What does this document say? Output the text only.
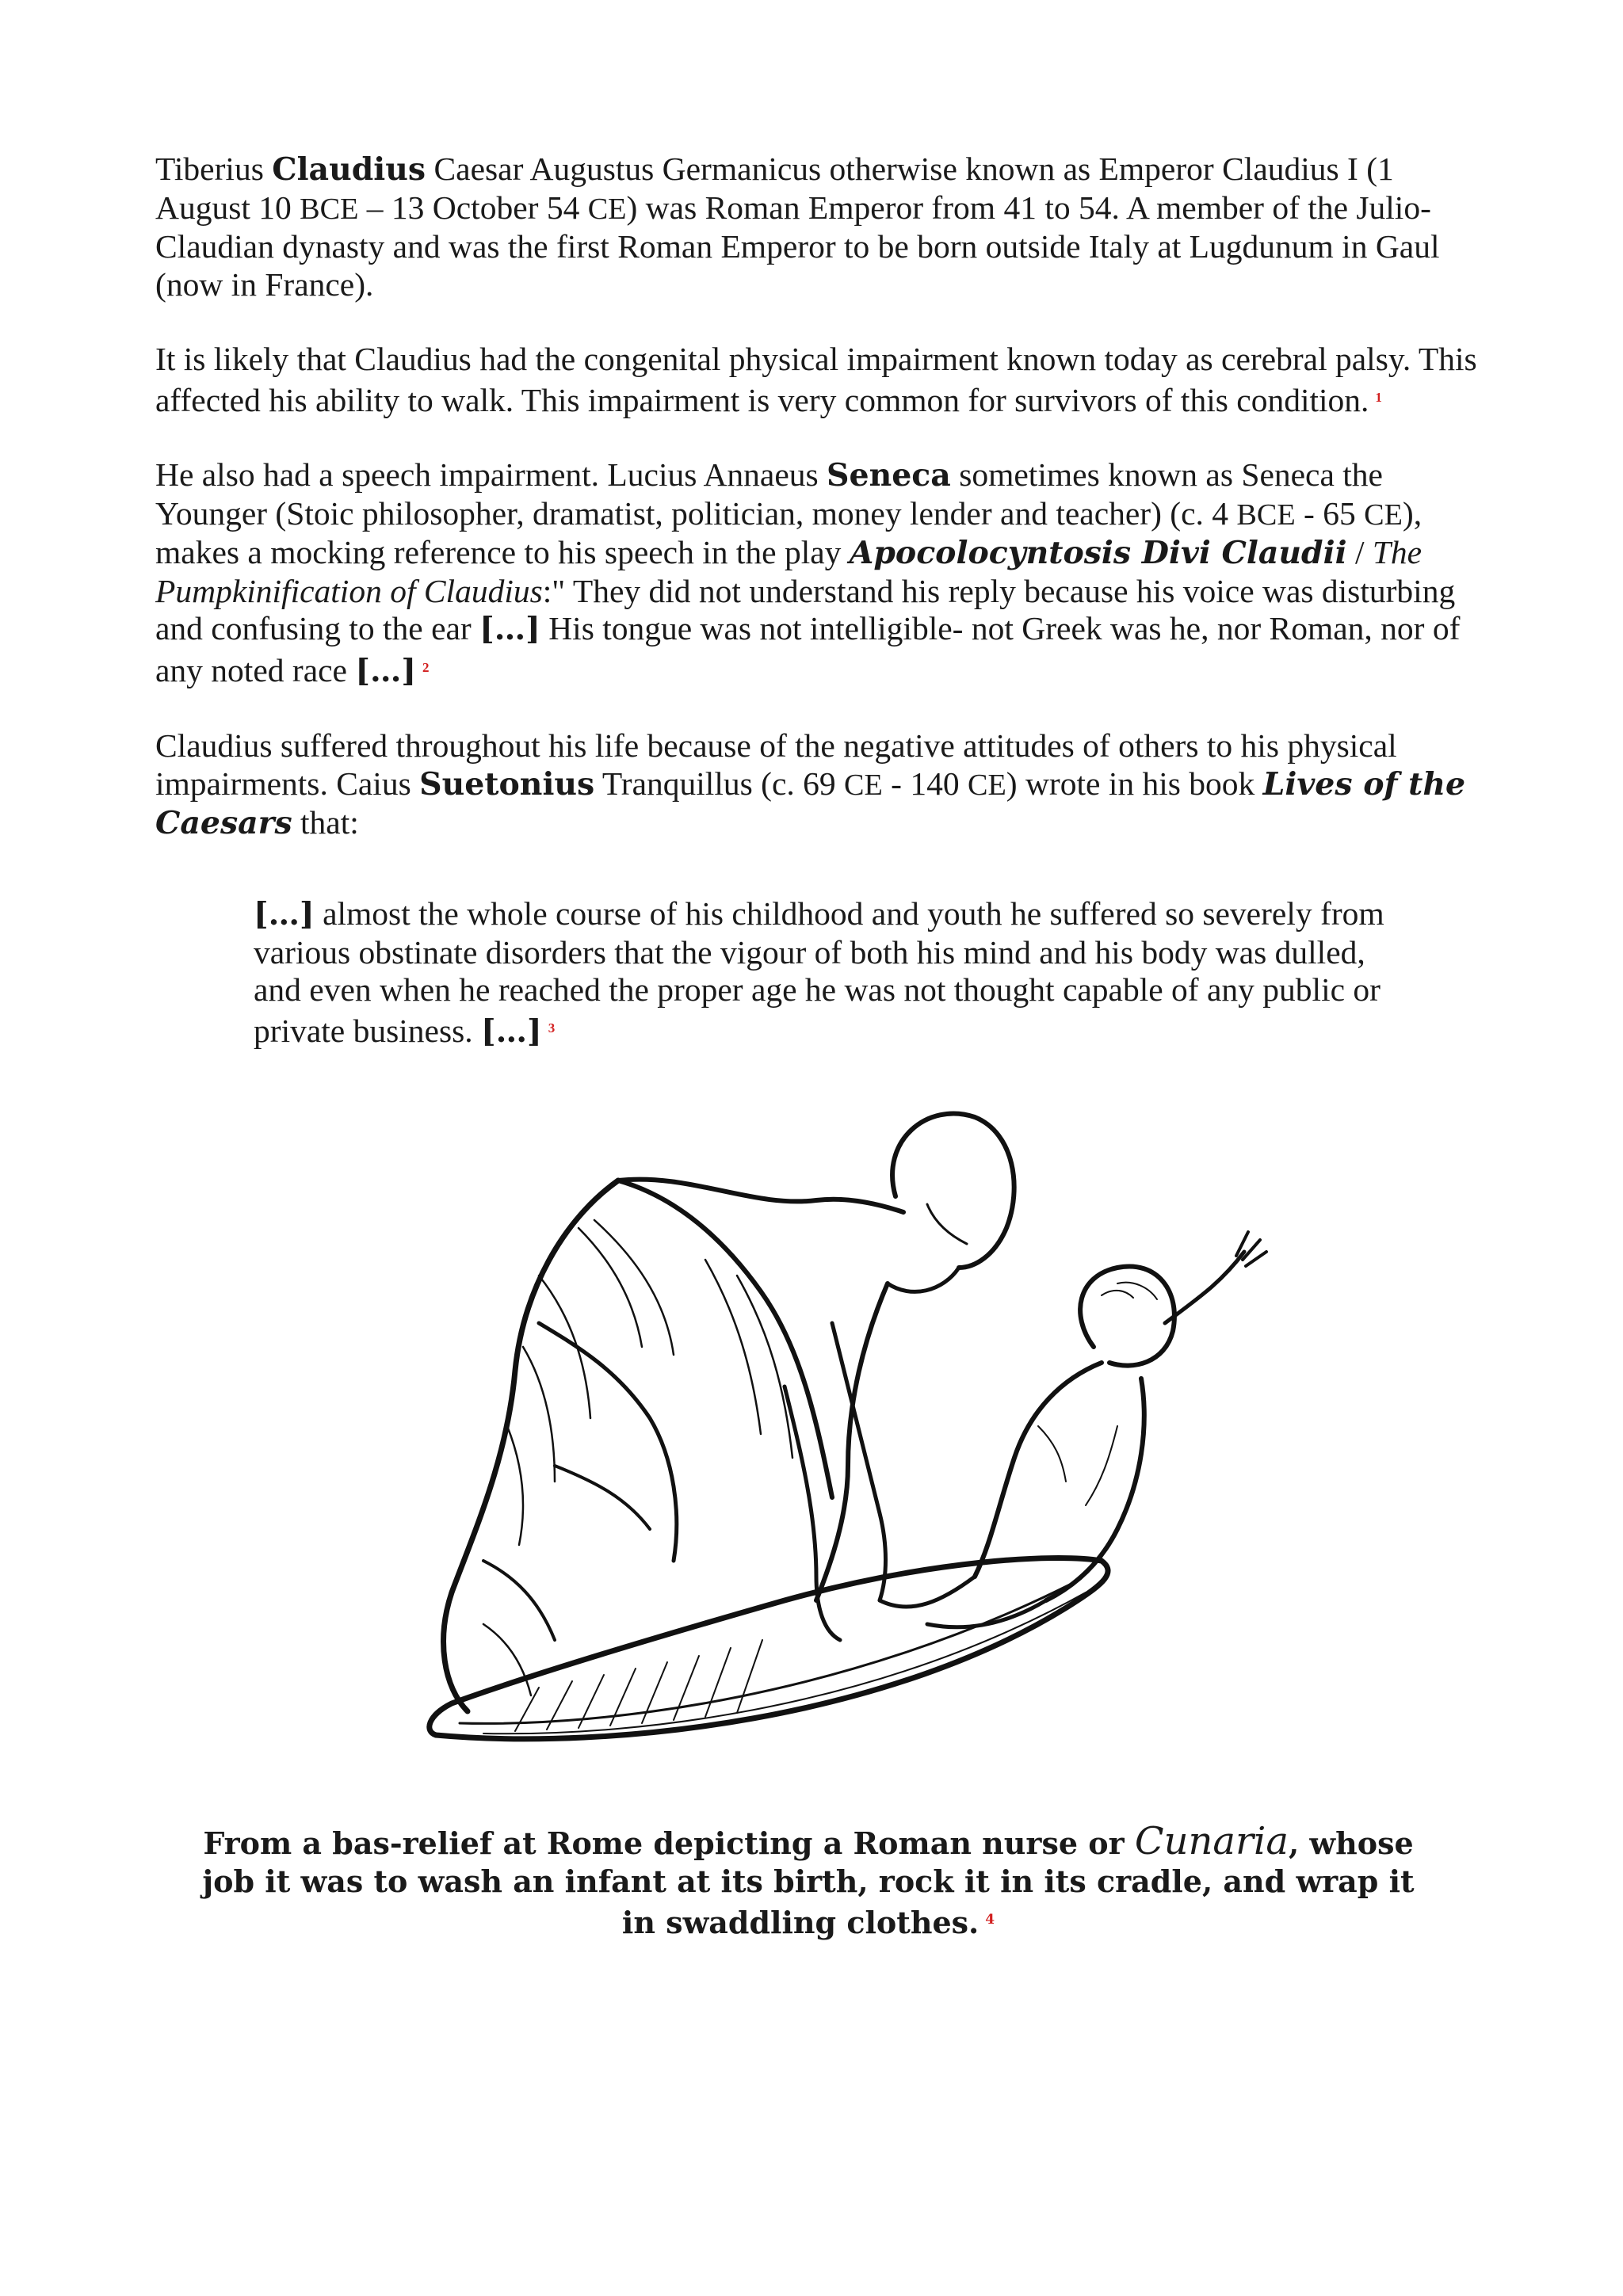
Tiberius Claudius Caesar Augustus Germanicus otherwise known as Emperor Claudius I (1 August 10 BCE – 13 October 54 CE) was Roman Emperor from 41 to 54. A member of the Julio-Claudian dynasty and was the first Roman Emperor to be born outside Italy at Lugdunum in Gaul (now in France).

It is likely that Claudius had the congenital physical impairment known today as cerebral palsy. This affected his ability to walk. This impairment is very common for survivors of this condition. $^1$

He also had a speech impairment. Lucius Annaeus Seneca sometimes known as Seneca the Younger (Stoic philosopher, dramatist, politician, money lender and teacher) (c. 4 BCE - 65 CE), makes a mocking reference to his speech in the play Apocolocyntosis Divi Claudii / The Pumpkinification of Claudius:" They did not understand his reply because his voice was disturbing and confusing to the ear […] His tongue was not intelligible- not Greek was he, nor Roman, nor of any noted race […] $^2$

Claudius suffered throughout his life because of the negative attitudes of others to his physical impairments. Caius Suetonius Tranquillus (c. 69 CE - 140 CE) wrote in his book Lives of the Caesars that:

[…] almost the whole course of his childhood and youth he suffered so severely from various obstinate disorders that the vigour of both his mind and his body was dulled, and even when he reached the proper age he was not thought capable of any public or private business. […] $^3$
From a bas-relief at Rome depicting a Roman nurse or Cunaria, whose job it was to wash an infant at its birth, rock it in its cradle, and wrap it in swaddling clothes. $^4$
